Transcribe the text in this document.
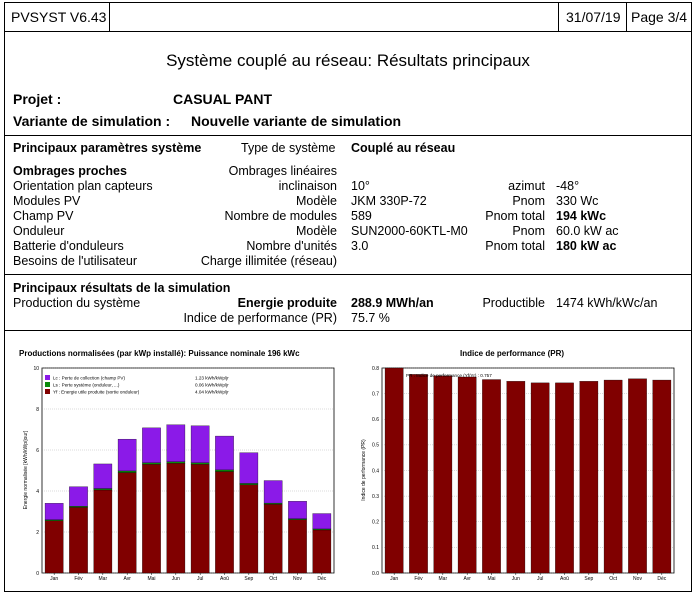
PVSYST V6.43	31/07/19 Page 3/4
Système couplé au réseau: Résultats principaux
Projet :	CASUAL PANT
Variante de simulation : Nouvelle variante de simulation
Principaux paramètres système	Type de système Couplé au réseau
Ombrages proches	Ombrages linéaires
Orientation plan capteurs	inclinaison 10°	azimut -48°
Modules PV	Modèle JKM 330P-72	Pnom 330 Wc
Champ PV	Nombre de modules 589	Pnom total 194 kWc
Onduleur	Modèle SUN2000-60KTL-M0	Pnom 60.0 kW ac
Batterie d'onduleurs	Nombre d'unités 3.0	Pnom total 180 kW ac
Besoins de l'utilisateur	Charge illimitée (réseau)
Principaux résultats de la simulation
Production du système	Energie produite 288.9 MWh/an	Productible 1474 kWh/kWc/an
Indice de performance (PR) 75.7 %
Productions normalisées (par kWp installé): Puissance nominale 196 kWc	Indice de performance (PR)
Energie normalisée [kWh/kWp/jour]
0
2
4
6
8
10
Jan	Fév	Mar	Avr	Mai	Jun	Jul	Aoû	Sep	Oct	Nov	Déc
Lc : Perte de collection (champ PV)	1.23 kWh/kWp/jr
Ls : Perte système (onduleur, ...)	0.06 kWh/kWp/jr
Yf : Energie utile produite (sortie onduleur)	4.04 kWh/kWp/jr
Indice de performance (PR)
0.0
0.1
0.2
0.3
0.4
0.5
0.6
0.7
0.8
Jan	Fév	Mar	Avr	Mai	Jun	Jul	Aoû	Sep	Oct	Nov	Déc
PR : Indice de performance (Yf/Yr) : 0.757
